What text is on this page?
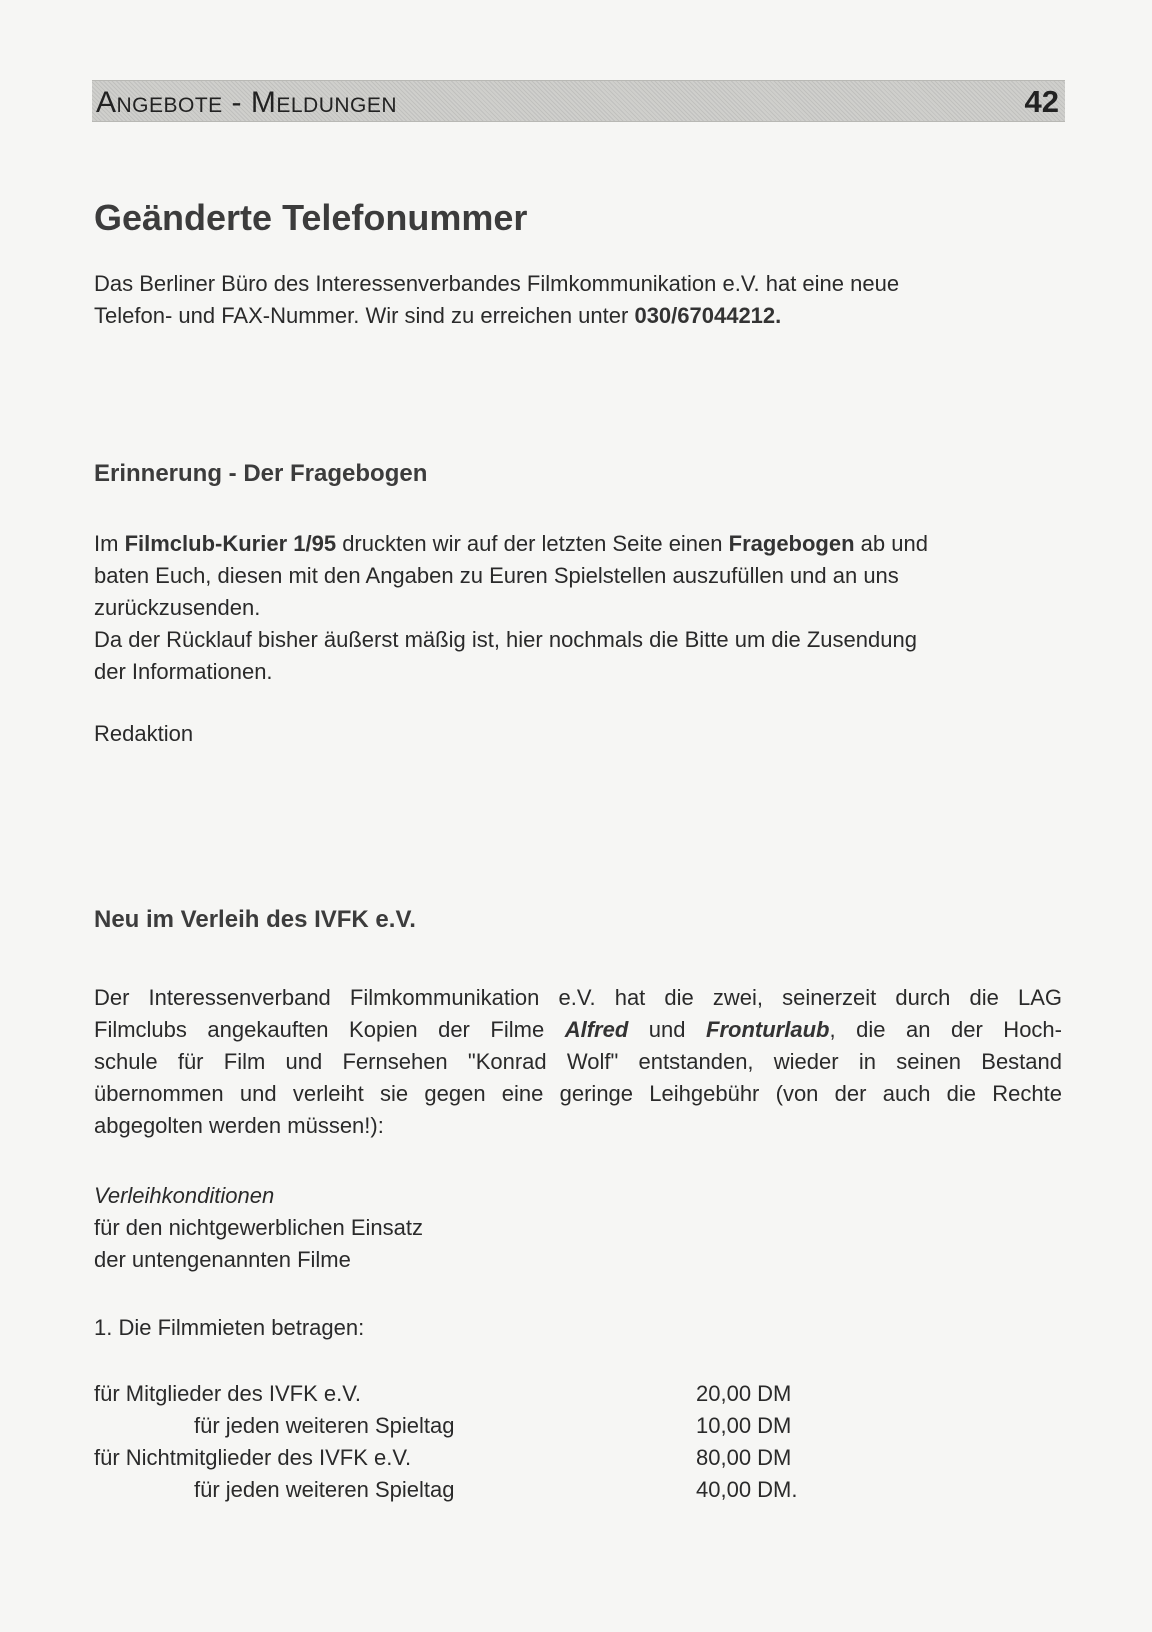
Angebote - Meldungen	42
Geänderte Telefonummer

Das Berliner Büro des Interessenverbandes Filmkommunikation e.V. hat eine neue
Telefon- und FAX-Nummer. Wir sind zu erreichen unter 030/67044212.

Erinnerung - Der Fragebogen

Im Filmclub-Kurier 1/95 druckten wir auf der letzten Seite einen Fragebogen ab und
baten Euch, diesen mit den Angaben zu Euren Spielstellen auszufüllen und an uns
zurückzusenden.
Da der Rücklauf bisher äußerst mäßig ist, hier nochmals die Bitte um die Zusendung
der Informationen.

Redaktion

Neu im Verleih des IVFK e.V.
Der Interessenverband Filmkommunikation e.V. hat die zwei, seinerzeit durch die LAG
Filmclubs angekauften Kopien der Filme Alfred und Fronturlaub, die an der Hoch-
schule für Film und Fernsehen "Konrad Wolf" entstanden, wieder in seinen Bestand
übernommen und verleiht sie gegen eine geringe Leihgebühr (von der auch die Rechte
abgegolten werden müssen!):
Verleihkonditionen
für den nichtgewerblichen Einsatz
der untengenannten Filme

1. Die Filmmieten betragen:

für Mitglieder des IVFK e.V.	20,00 DM
für jeden weiteren Spieltag	10,00 DM
für Nichtmitglieder des IVFK e.V.	80,00 DM
für jeden weiteren Spieltag	40,00 DM.
